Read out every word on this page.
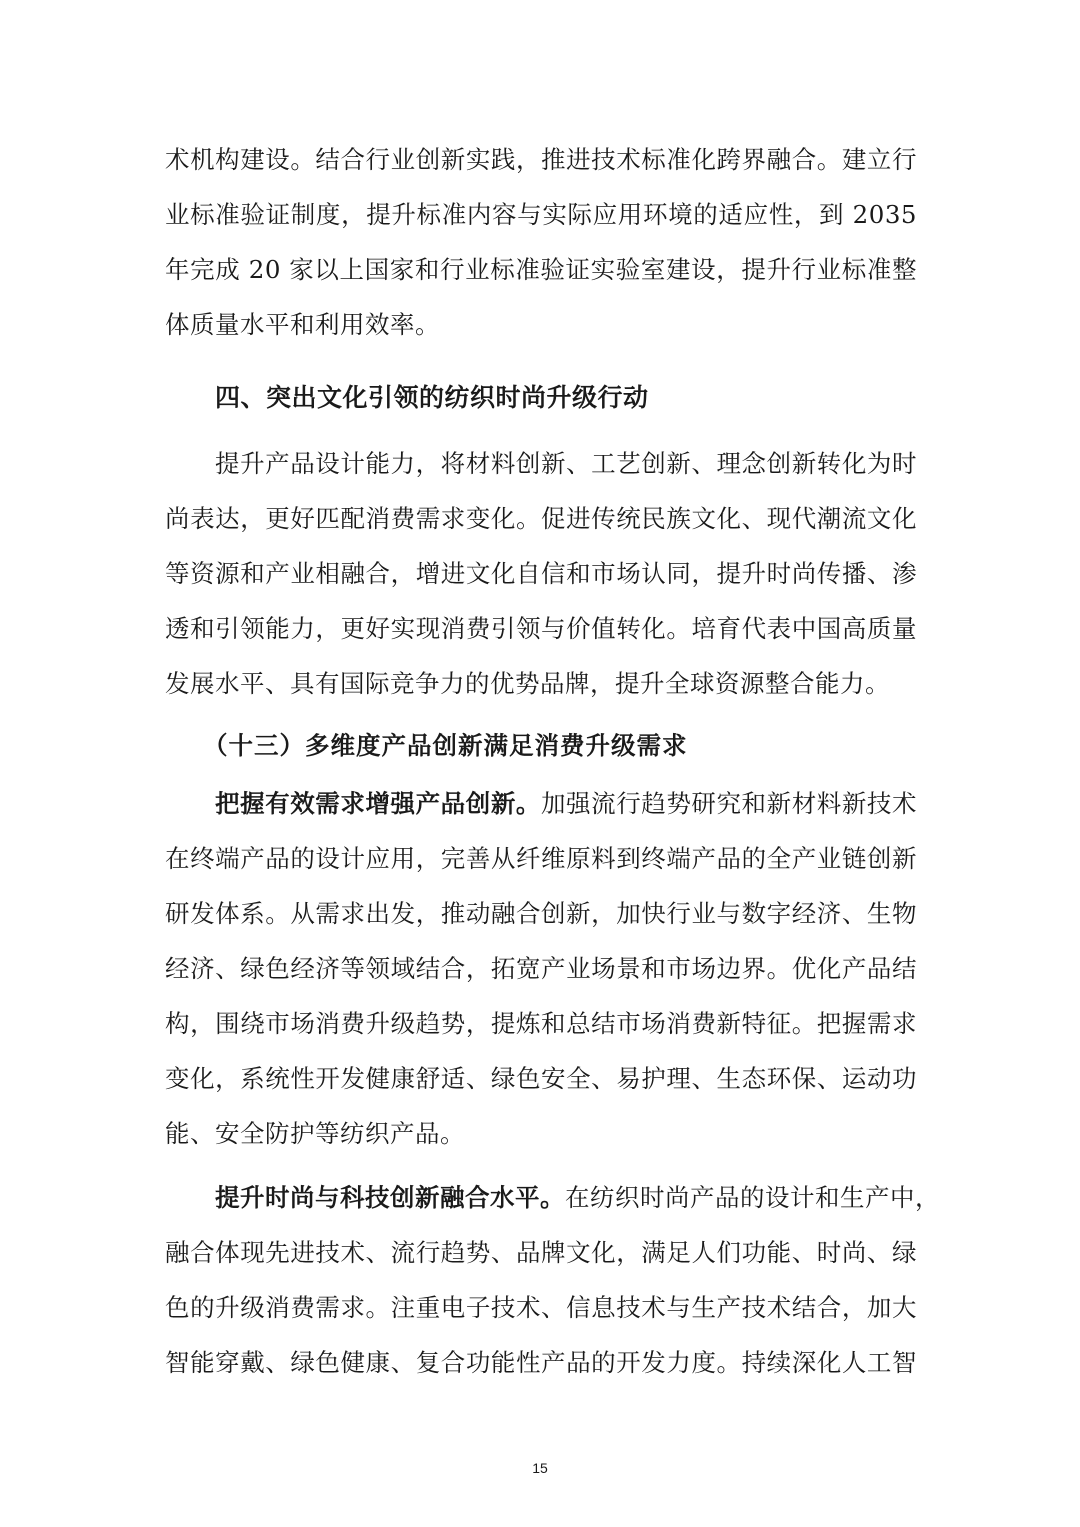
术机构建设。结合行业创新实践，推进技术标准化跨界融合。建立行
业标准验证制度，提升标准内容与实际应用环境的适应性，到 2035
年完成 20 家以上国家和行业标准验证实验室建设，提升行业标准整
体质量水平和利用效率。
四、突出文化引领的纺织时尚升级行动
提升产品设计能力，将材料创新、工艺创新、理念创新转化为时
尚表达，更好匹配消费需求变化。促进传统民族文化、现代潮流文化
等资源和产业相融合，增进文化自信和市场认同，提升时尚传播、渗
透和引领能力，更好实现消费引领与价值转化。培育代表中国高质量
发展水平、具有国际竞争力的优势品牌，提升全球资源整合能力。
（十三）多维度产品创新满足消费升级需求
把握有效需求增强产品创新。加强流行趋势研究和新材料新技术
在终端产品的设计应用，完善从纤维原料到终端产品的全产业链创新
研发体系。从需求出发，推动融合创新，加快行业与数字经济、生物
经济、绿色经济等领域结合，拓宽产业场景和市场边界。优化产品结
构，围绕市场消费升级趋势，提炼和总结市场消费新特征。把握需求
变化，系统性开发健康舒适、绿色安全、易护理、生态环保、运动功
能、安全防护等纺织产品。
提升时尚与科技创新融合水平。在纺织时尚产品的设计和生产中，
融合体现先进技术、流行趋势、品牌文化，满足人们功能、时尚、绿
色的升级消费需求。注重电子技术、信息技术与生产技术结合，加大
智能穿戴、绿色健康、复合功能性产品的开发力度。持续深化人工智
15
